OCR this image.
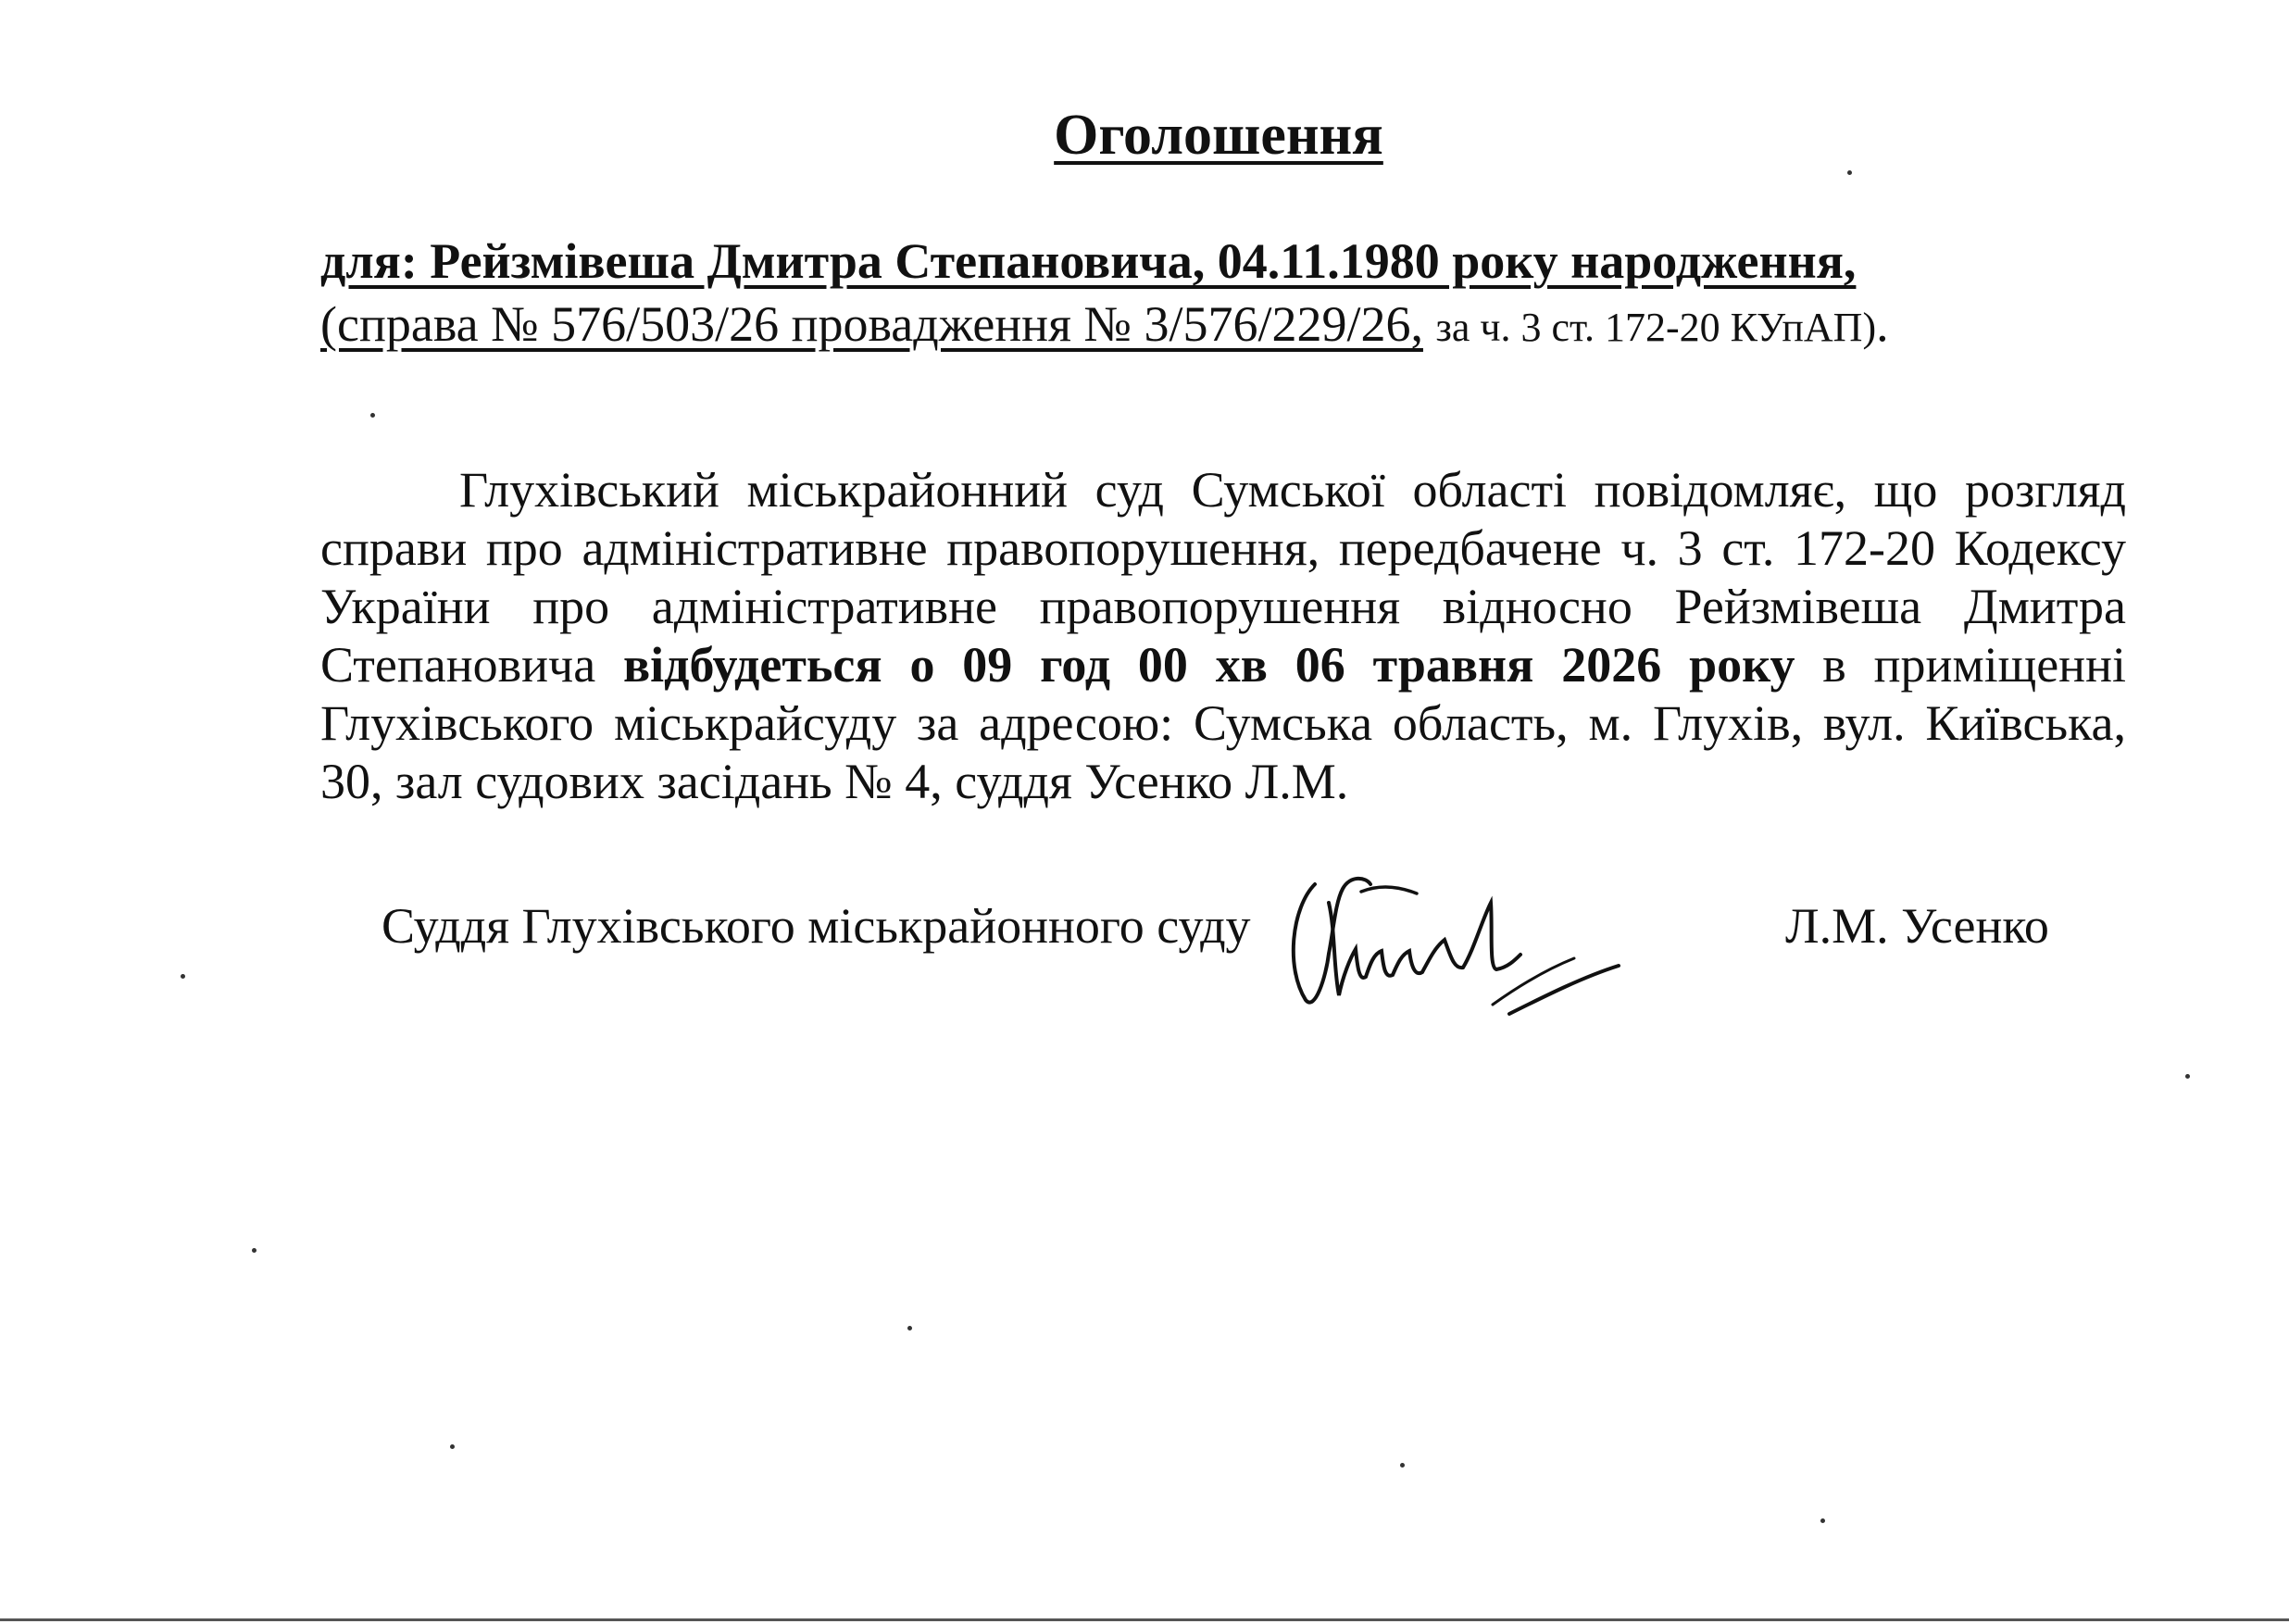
Оголошення
для: Рейзмівеша Дмитра Степановича, 04.11.1980 року народження,
(справа № 576/503/26 провадження № 3/576/229/26, за ч. 3 ст. 172-20 КУпАП).
Глухівський міськрайонний суд Сумської області повідомляє, що розгляд справи про адміністративне правопорушення, передбачене ч. 3 ст. 172-20 Кодексу України про адміністративне правопорушення відносно Рейзмівеша Дмитра Степановича відбудеться о 09 год 00 хв 06 травня 2026 року в приміщенні Глухівського міськрайсуду за адресою: Сумська область, м. Глухів, вул. Київська, 30, зал судових засідань № 4, суддя Усенко Л.М.
Суддя Глухівського міськрайонного суду	Л.М. Усенко
